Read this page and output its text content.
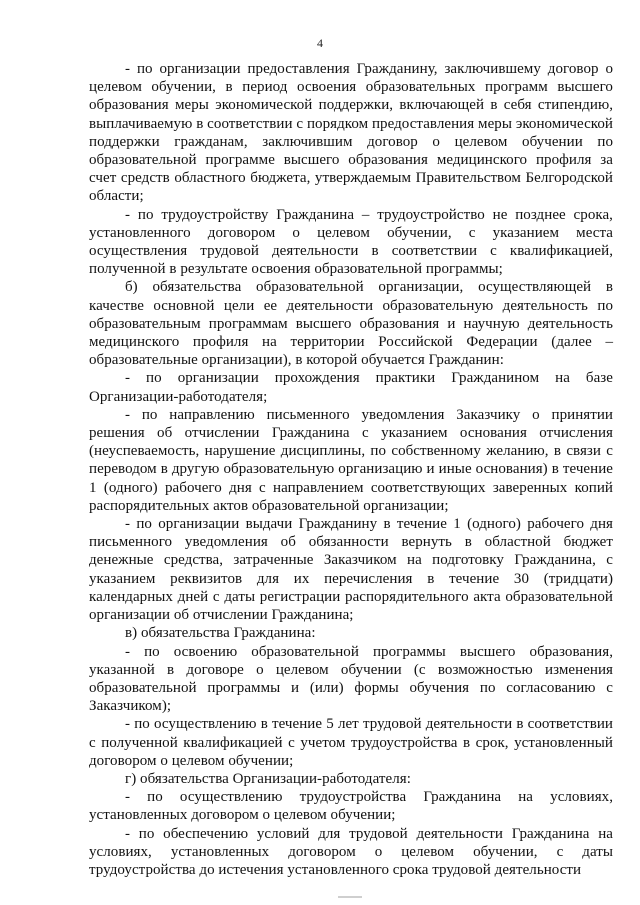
4

- по организации предоставления Гражданину, заключившему договор о целевом обучении, в период освоения образовательных программ высшего образования меры экономической поддержки, включающей в себя стипендию, выплачиваемую в соответствии с порядком предоставления меры экономической поддержки гражданам, заключившим договор о целевом обучении по образовательной программе высшего образования медицинского профиля за счет средств областного бюджета, утверждаемым Правительством Белгородской области;

- по трудоустройству Гражданина – трудоустройство не позднее срока, установленного договором о целевом обучении, с указанием места осуществления трудовой деятельности в соответствии с квалификацией, полученной в результате освоения образовательной программы;

б) обязательства образовательной организации, осуществляющей в качестве основной цели ее деятельности образовательную деятельность по образовательным программам высшего образования и научную деятельность медицинского профиля на территории Российской Федерации (далее – образовательные организации), в которой обучается Гражданин:

- по организации прохождения практики Гражданином на базе Организации-работодателя;

- по направлению письменного уведомления Заказчику о принятии решения об отчислении Гражданина с указанием основания отчисления (неуспеваемость, нарушение дисциплины, по собственному желанию, в связи с переводом в другую образовательную организацию и иные основания) в течение 1 (одного) рабочего дня с направлением соответствующих заверенных копий распорядительных актов образовательной организации;

- по организации выдачи Гражданину в течение 1 (одного) рабочего дня письменного уведомления об обязанности вернуть в областной бюджет денежные средства, затраченные Заказчиком на подготовку Гражданина, с указанием реквизитов для их перечисления в течение 30 (тридцати) календарных дней с даты регистрации распорядительного акта образовательной организации об отчислении Гражданина;

в) обязательства Гражданина:

- по освоению образовательной программы высшего образования, указанной в договоре о целевом обучении (с возможностью изменения образовательной программы и (или) формы обучения по согласованию с Заказчиком);

- по осуществлению в течение 5 лет трудовой деятельности в соответствии с полученной квалификацией с учетом трудоустройства в срок, установленный договором о целевом обучении;

г) обязательства Организации-работодателя:

- по осуществлению трудоустройства Гражданина на условиях, установленных договором о целевом обучении;

- по обеспечению условий для трудовой деятельности Гражданина на условиях, установленных договором о целевом обучении, с даты трудоустройства до истечения установленного срока трудовой деятельности
